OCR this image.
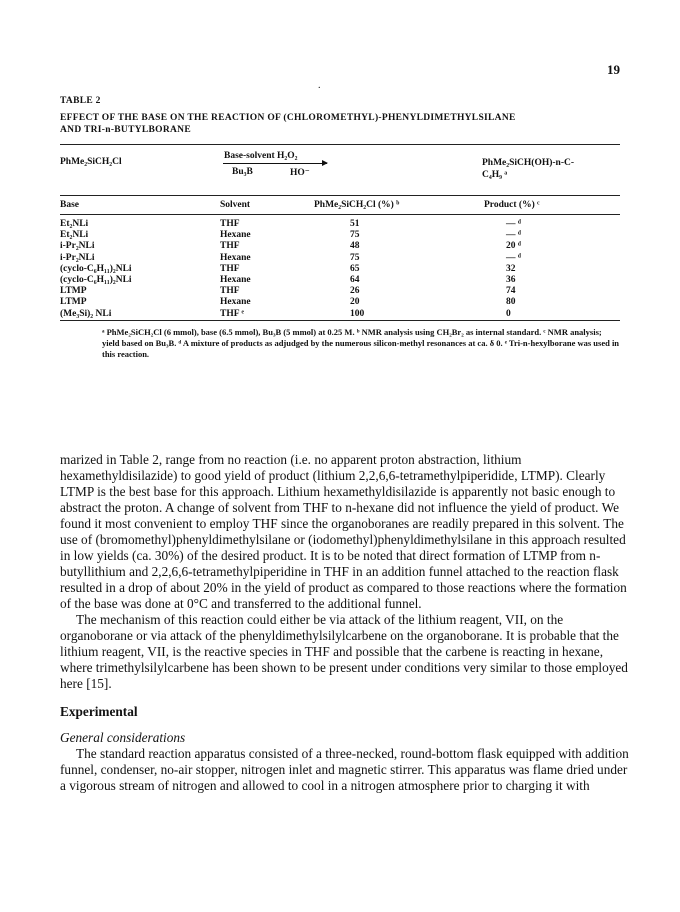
19
.
TABLE 2
EFFECT OF THE BASE ON THE REACTION OF (CHLOROMETHYL)-PHENYLDIMETHYLSILANE
AND TRI-n-BUTYLBORANE
PhMe₂SiCH₂Cl
Base-solvent H₂O₂
Bu₃B	HO⁻
PhMe₂SiCH(OH)-n-C-
C₄H₉ ᵃ
Base	Solvent	PhMe₂SiCH₂Cl (%) ᵇ	Product (%) ᶜ
Et₂NLi	THF	51	— ᵈ
Et₂NLi	Hexane	75	— ᵈ
i-Pr₂NLi	THF	48	20 ᵈ
i-Pr₂NLi	Hexane	75	— ᵈ
(cyclo-C₆H₁₁)₂NLi	THF	65	32
(cyclo-C₆H₁₁)₂NLi	Hexane	64	36
LTMP	THF	26	74
LTMP	Hexane	20	80
(Me₃Si)₂ NLi	THF ᵉ	100	0
ᵃ PhMe₂SiCH₂Cl (6 mmol), base (6.5 mmol), Bu₃B (5 mmol) at 0.25 M. ᵇ NMR analysis using CH₂Br₂ as internal standard. ᶜ NMR analysis; yield based on Bu₃B. ᵈ A mixture of products as adjudged by the numerous silicon-methyl resonances at ca. δ 0. ᵉ Tri-n-hexylborane was used in this reaction.

marized in Table 2, range from no reaction (i.e. no apparent proton abstraction, lithium hexamethyldisilazide) to good yield of product (lithium 2,2,6,6-tetramethylpiperidide, LTMP). Clearly LTMP is the best base for this approach. Lithium hexamethyldisilazide is apparently not basic enough to abstract the proton. A change of solvent from THF to n-hexane did not influence the yield of product. We found it most convenient to employ THF since the organoboranes are readily prepared in this solvent. The use of (bromomethyl)phenyldimethylsilane or (iodomethyl)phenyldimethylsilane in this approach resulted in low yields (ca. 30%) of the desired product. It is to be noted that direct formation of LTMP from n-butyllithium and 2,2,6,6-tetramethylpiperidine in THF in an addition funnel attached to the reaction flask resulted in a drop of about 20% in the yield of product as compared to those reactions where the formation of the base was done at 0°C and transferred to the additional funnel.

The mechanism of this reaction could either be via attack of the lithium reagent, VII, on the organoborane or via attack of the phenyldimethylsilylcarbene on the organoborane. It is probable that the lithium reagent, VII, is the reactive species in THF and possible that the carbene is reacting in hexane, where trimethylsilylcarbene has been shown to be present under conditions very similar to those employed here [15].

Experimental

General considerations

The standard reaction apparatus consisted of a three-necked, round-bottom flask equipped with addition funnel, condenser, no-air stopper, nitrogen inlet and magnetic stirrer. This apparatus was flame dried under a vigorous stream of nitrogen and allowed to cool in a nitrogen atmosphere prior to charging it with
